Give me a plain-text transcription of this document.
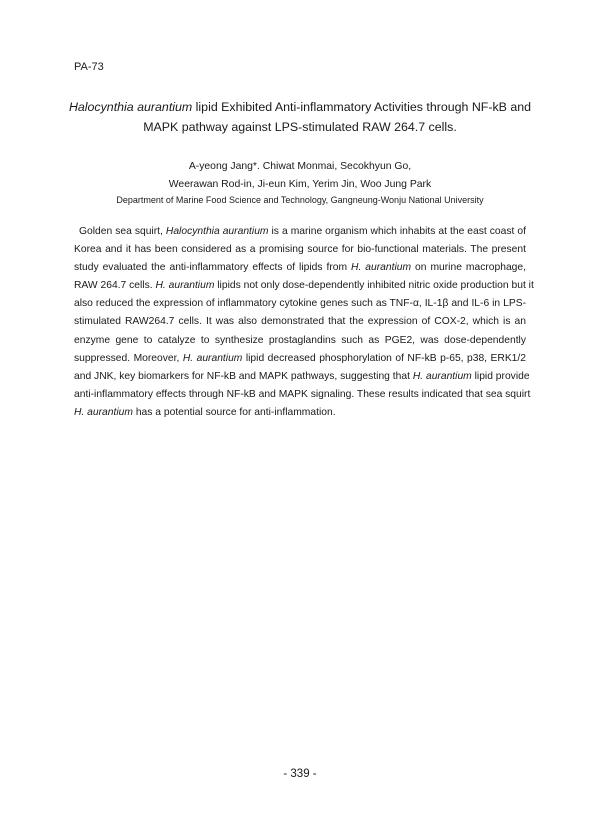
PA-73
Halocynthia aurantium lipid Exhibited Anti-inflammatory Activities through NF-kB and
MAPK pathway against LPS-stimulated RAW 264.7 cells.
A-yeong Jang*. Chiwat Monmai, Secokhyun Go,
Weerawan Rod-in, Ji-eun Kim, Yerim Jin, Woo Jung Park
Department of Marine Food Science and Technology, Gangneung-Wonju National University
Golden sea squirt, Halocynthia aurantium is a marine organism which inhabits at the east coast of
Korea and it has been considered as a promising source for bio-functional materials. The present
study evaluated the anti-inflammatory effects of lipids from H. aurantium on murine macrophage,
RAW 264.7 cells. H. aurantium lipids not only dose-dependently inhibited nitric oxide production but it
also reduced the expression of inflammatory cytokine genes such as TNF-α, IL-1β and IL-6 in LPS-
stimulated RAW264.7 cells. It was also demonstrated that the expression of COX-2, which is an
enzyme gene to catalyze to synthesize prostaglandins such as PGE2, was dose-dependently
suppressed. Moreover, H. aurantium lipid decreased phosphorylation of NF-kB p-65, p38, ERK1/2
and JNK, key biomarkers for NF-kB and MAPK pathways, suggesting that H. aurantium lipid provide
anti-inflammatory effects through NF-kB and MAPK signaling. These results indicated that sea squirt
H. aurantium has a potential source for anti-inflammation.
- 339 -
